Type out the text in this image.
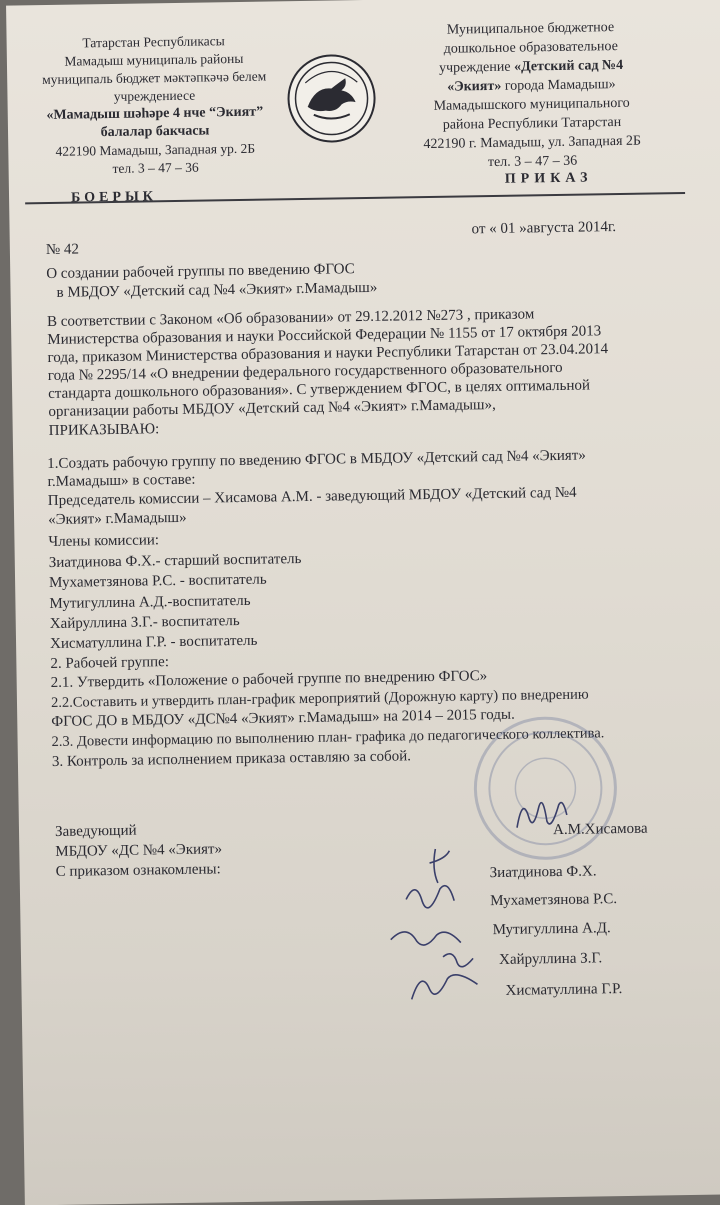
Татарстан Республикасы
Мамадыш муниципаль районы
муниципаль бюджет мәктәпкәчә белем
учреждениесе
«Мамадыш шәһәре 4 нче “Экият”
балалар бакчасы
422190 Мамадыш, Западная ур. 2Б
тел. 3 – 47 – 36
Муниципальное бюджетное
дошкольное образовательное
учреждение «Детский сад №4
«Экият» города Мамадыш»
Мамадышского муниципального
района Республики Татарстан
422190 г. Мамадыш, ул. Западная 2Б
тел. 3 – 47 – 36
БОЕРЫК
ПРИКАЗ
№ 42
от « 01 »августа 2014г.
О создании рабочей группы по введению ФГОС
в МБДОУ «Детский сад №4 «Экият» г.Мамадыш»
В соответствии с Законом «Об образовании» от 29.12.2012 №273 , приказом
Министерства образования и науки Российской Федерации № 1155 от 17 октября 2013
года, приказом Министерства образования и науки Республики Татарстан от 23.04.2014
года № 2295/14 «О внедрении федерального государственного образовательного
стандарта дошкольного образования». С утверждением ФГОС, в целях оптимальной
организации работы МБДОУ «Детский сад №4 «Экият» г.Мамадыш»,
ПРИКАЗЫВАЮ:
1.Создать рабочую группу по введению ФГОС в МБДОУ «Детский сад №4 «Экият»
г.Мамадыш» в составе:
Председатель комиссии – Хисамова А.М. - заведующий МБДОУ «Детский сад №4
«Экият» г.Мамадыш»
Члены комиссии:
Зиатдинова Ф.Х.- старший воспитатель
Мухаметзянова Р.С. - воспитатель
Мутигуллина А.Д.-воспитатель
Хайруллина З.Г.- воспитатель
Хисматуллина Г.Р. - воспитатель
2. Рабочей группе:
2.1. Утвердить «Положение о рабочей группе по внедрению ФГОС»
2.2.Составить и утвердить план-график мероприятий (Дорожную карту) по внедрению
ФГОС ДО в МБДОУ «ДС№4 «Экият» г.Мамадыш» на 2014 – 2015 годы.
2.3. Довести информацию по выполнению план- графика до педагогического коллектива.
3. Контроль за исполнением приказа оставляю за собой.
Заведующий
МБДОУ «ДС №4 «Экият»
С приказом ознакомлены:
А.М.Хисамова
Зиатдинова Ф.Х.
Мухаметзянова Р.С.
Мутигуллина А.Д.
Хайруллина З.Г.
Хисматуллина Г.Р.
